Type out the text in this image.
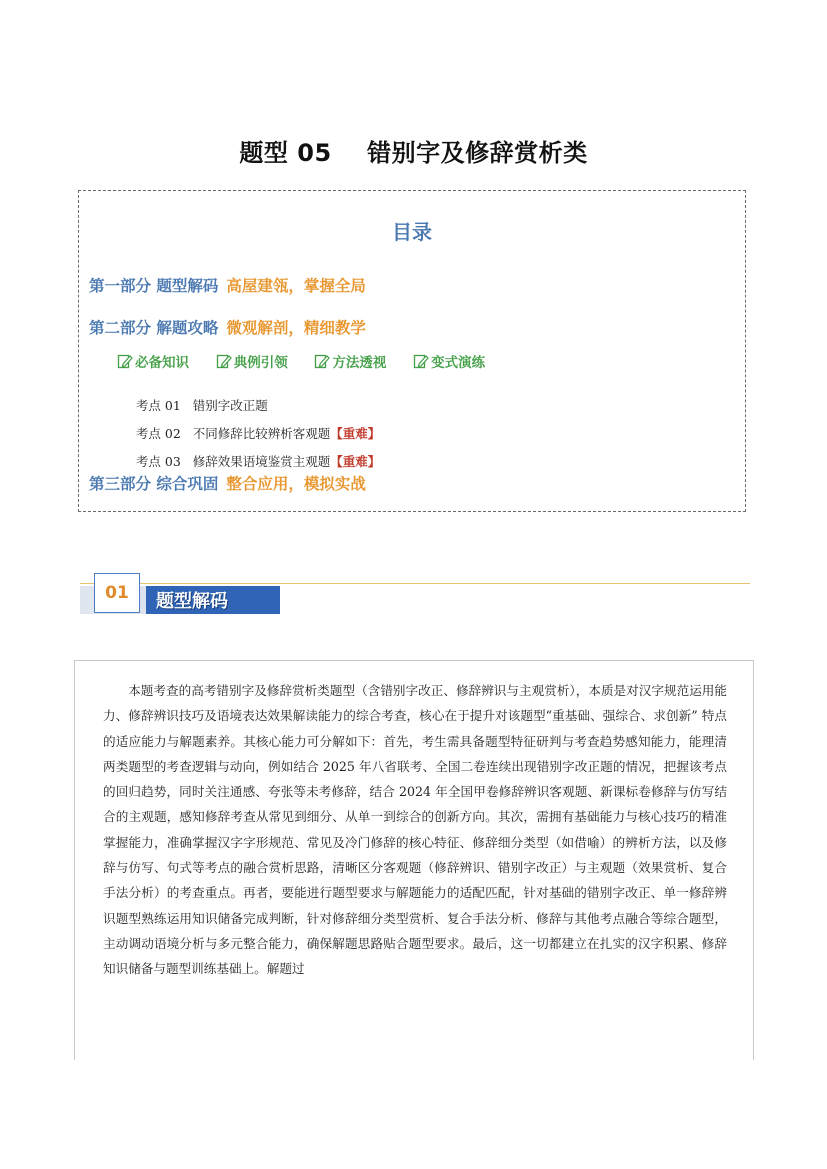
题型 05    错别字及修辞赏析类
目录
第一部分 题型解码 高屋建瓴，掌握全局
第二部分 解题攻略 微观解剖，精细教学
必备知识
	典例引领
	方法透视
	变式演练

考点 01   错别字改正题

考点 02   不同修辞比较辨析客观题【重难】

考点 03   修辞效果语境鉴赏主观题【重难】

第三部分 综合巩固 整合应用，模拟实战
01	题型解码
本题考查的高考错别字及修辞赏析类题型（含错别字改正、修辞辨识与主观赏析），本质是对汉字规范运用能力、修辞辨识技巧及语境表达效果解读能力的综合考查，核心在于提升对该题型“重基础、强综合、求创新” 特点的适应能力与解题素养。其核心能力可分解如下：首先，考生需具备题型特征研判与考查趋势感知能力，能理清两类题型的考查逻辑与动向，例如结合 2025 年八省联考、全国二卷连续出现错别字改正题的情况，把握该考点的回归趋势，同时关注通感、夸张等未考修辞，结合 2024 年全国甲卷修辞辨识客观题、新课标卷修辞与仿写结合的主观题，感知修辞考查从常见到细分、从单一到综合的创新方向。其次，需拥有基础能力与核心技巧的精准掌握能力，准确掌握汉字字形规范、常见及冷门修辞的核心特征、修辞细分类型（如借喻）的辨析方法，以及修辞与仿写、句式等考点的融合赏析思路，清晰区分客观题（修辞辨识、错别字改正）与主观题（效果赏析、复合手法分析）的考查重点。再者，要能进行题型要求与解题能力的适配匹配，针对基础的错别字改正、单一修辞辨识题型熟练运用知识储备完成判断，针对修辞细分类型赏析、复合手法分析、修辞与其他考点融合等综合题型，主动调动语境分析与多元整合能力，确保解题思路贴合题型要求。最后，这一切都建立在扎实的汉字积累、修辞知识储备与题型训练基础上。解题过
